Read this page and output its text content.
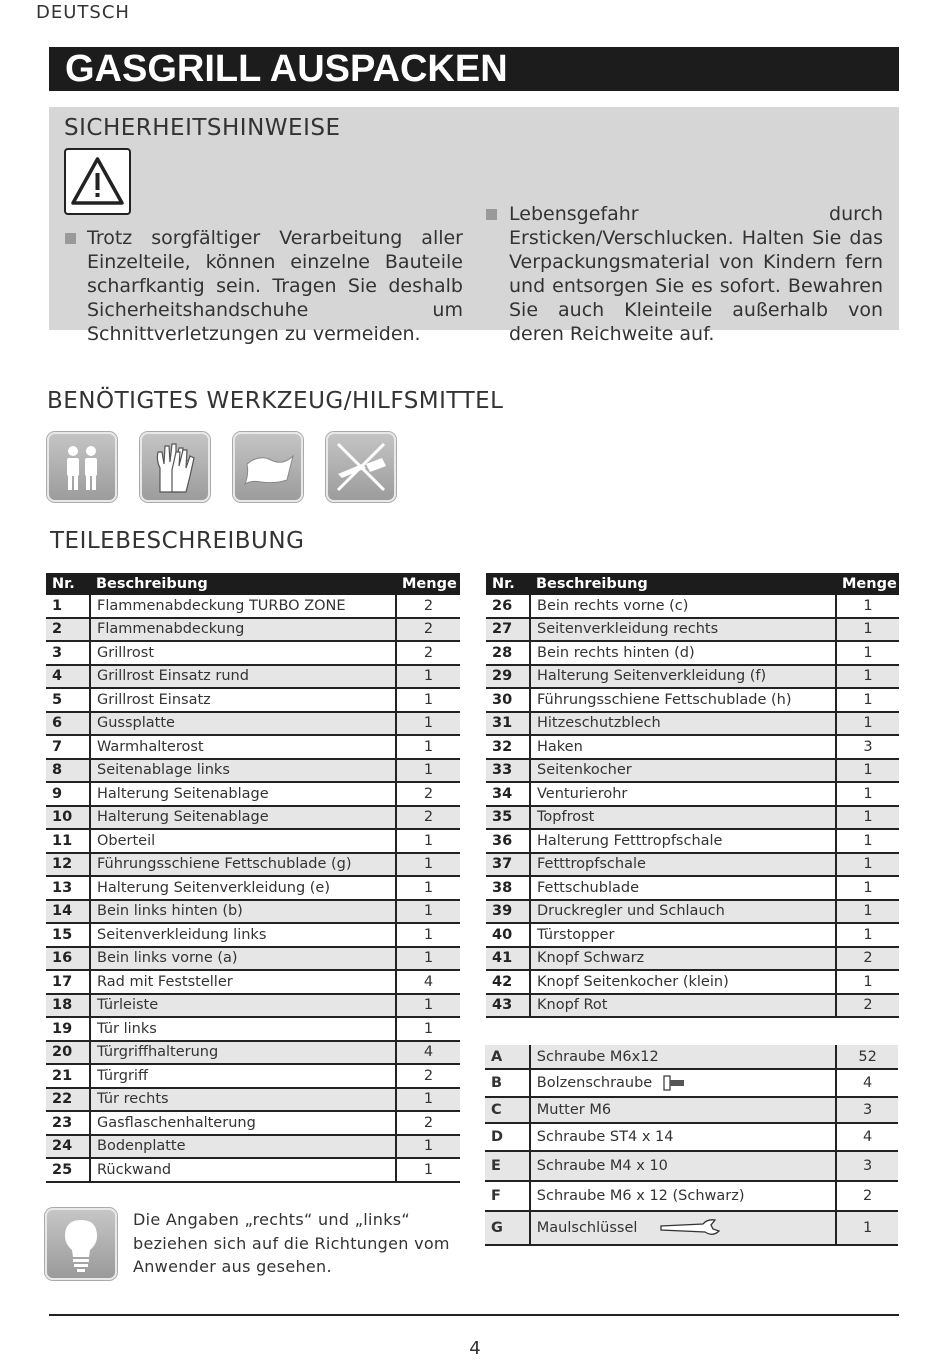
DEUTSCH
GASGRILL AUSPACKEN
SICHERHEITSHINWEISE
Trotz sorgfältiger Verarbeitung aller Einzelteile, können einzelne Bauteile scharfkantig sein. Tragen Sie deshalb Sicherheitshandschuhe um Schnittverletzungen zu vermeiden.
Lebensgefahr durch Ersticken/Verschlucken. Halten Sie das Verpackungsmaterial von Kindern fern und entsorgen Sie es sofort. Bewahren Sie auch Kleinteile außerhalb von deren Reichweite auf.
BENÖTIGTES WERKZEUG/HILFSMITTEL
TEILEBESCHREIBUNG
Nr.	Beschreibung	Menge
1	Flammenabdeckung TURBO ZONE	2
2	Flammenabdeckung	2
3	Grillrost	2
4	Grillrost Einsatz rund	1
5	Grillrost Einsatz	1
6	Gussplatte	1
7	Warmhalterost	1
8	Seitenablage links	1
9	Halterung Seitenablage	2
10	Halterung Seitenablage	2
11	Oberteil	1
12	Führungsschiene Fettschublade (g)	1
13	Halterung Seitenverkleidung (e)	1
14	Bein links hinten (b)	1
15	Seitenverkleidung links	1
16	Bein links vorne (a)	1
17	Rad mit Feststeller	4
18	Türleiste	1
19	Tür links	1
20	Türgriffhalterung	4
21	Türgriff	2
22	Tür rechts	1
23	Gasflaschenhalterung	2
24	Bodenplatte	1
25	Rückwand	1
Nr.	Beschreibung	Menge
26	Bein rechts vorne (c)	1
27	Seitenverkleidung rechts	1
28	Bein rechts hinten (d)	1
29	Halterung Seitenverkleidung (f)	1
30	Führungsschiene Fettschublade (h)	1
31	Hitzeschutzblech	1
32	Haken	3
33	Seitenkocher	1
34	Venturierohr	1
35	Topfrost	1
36	Halterung Fetttropfschale	1
37	Fetttropfschale	1
38	Fettschublade	1
39	Druckregler und Schlauch	1
40	Türstopper	1
41	Knopf Schwarz	2
42	Knopf Seitenkocher (klein)	1
43	Knopf Rot	2
A	Schraube M6x12	52
B	Bolzenschraube	4
C	Mutter M6	3
D	Schraube ST4 x 14	4
E	Schraube M4 x 10	3
F	Schraube M6 x 12 (Schwarz)	2
G	Maulschlüssel	1
Die Angaben „rechts“ und „links“ beziehen sich auf die Richtungen vom Anwender aus gesehen.
4
